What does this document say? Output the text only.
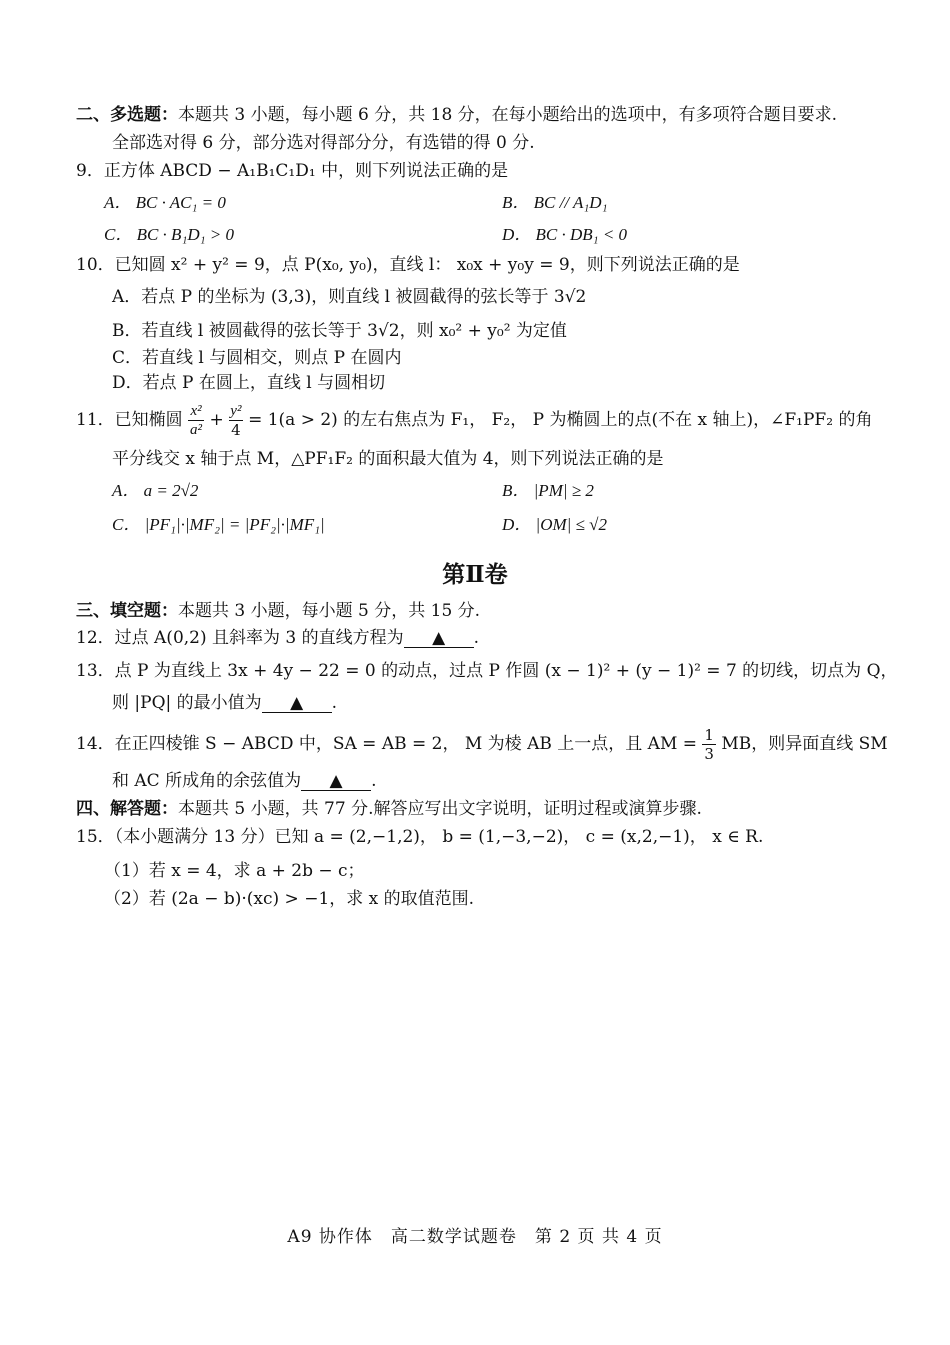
二、多选题：本题共 3 小题，每小题 6 分，共 18 分，在每小题给出的选项中，有多项符合题目要求.
全部选对得 6 分，部分选对得部分分，有选错的得 0 分.
9．正方体 ABCD − A₁B₁C₁D₁ 中，则下列说法正确的是
A． BC · AC₁ = 0	B． BC // A₁D₁
C． BC · B₁D₁ > 0	D． BC · DB₁ < 0
10．已知圆 x² + y² = 9，点 P(x₀, y₀)，直线 l： x₀x + y₀y = 9，则下列说法正确的是
A．若点 P 的坐标为 (3,3)，则直线 l 被圆截得的弦长等于 3√2
B．若直线 l 被圆截得的弦长等于 3√2，则 x₀² + y₀² 为定值
C．若直线 l 与圆相交，则点 P 在圆内
D．若点 P 在圆上，直线 l 与圆相切
11．已知椭圆 $\frac{\text{x²}}{\text{a²}} + \frac{\text{y²}}{4} = 1(a > 2)$ 的左右焦点为 F₁， F₂， P 为椭圆上的点(不在 x 轴上)，∠F₁PF₂ 的角
平分线交 x 轴于点 M，△PF₁F₂ 的面积最大值为 4，则下列说法正确的是
A． a = 2√2	B． |PM| ≥ 2
C． |PF₁|·|MF₂| = |PF₂|·|MF₁|	D． |OM| ≤ √2
第Ⅱ卷
三、填空题：本题共 3 小题，每小题 5 分，共 15 分.
12．过点 A(0,2) 且斜率为 3 的直线方程为 ▲ .
13．点 P 为直线上 3x + 4y − 22 = 0 的动点，过点 P 作圆 (x − 1)² + (y − 1)² = 7 的切线，切点为 Q，
则 |PQ| 的最小值为 ▲ .
14．在正四棱锥 S − ABCD 中，SA = AB = 2， M 为棱 AB 上一点，且 AM = $\frac{1}{3}$ MB，则异面直线 SM
和 AC 所成角的余弦值为 ▲ .
四、解答题：本题共 5 小题，共 77 分.解答应写出文字说明，证明过程或演算步骤.
15．（本小题满分 13 分）已知 a = (2,−1,2)， b = (1,−3,−2)， c = (x,2,−1)， x ∈ R.
（1）若 x = 4，求 a + 2b − c；
（2）若 (2a − b)·(xc) > −1，求 x 的取值范围.
A9 协作体　高二数学试题卷　第 2 页 共 4 页
